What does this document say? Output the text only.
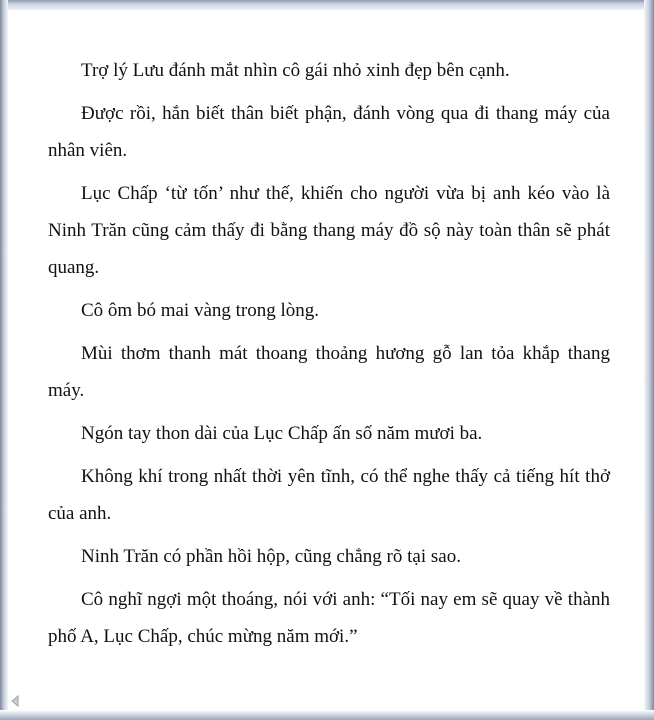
Trợ lý Lưu đánh mắt nhìn cô gái nhỏ xinh đẹp bên cạnh.

Được rồi, hắn biết thân biết phận, đánh vòng qua đi thang máy của nhân viên.

Lục Chấp ‘từ tốn’ như thế, khiến cho người vừa bị anh kéo vào là Ninh Trăn cũng cảm thấy đi bằng thang máy đồ sộ này toàn thân sẽ phát quang.

Cô ôm bó mai vàng trong lòng.

Mùi thơm thanh mát thoang thoảng hương gỗ lan tỏa khắp thang máy.

Ngón tay thon dài của Lục Chấp ấn số năm mươi ba.

Không khí trong nhất thời yên tĩnh, có thể nghe thấy cả tiếng hít thở của anh.

Ninh Trăn có phần hồi hộp, cũng chẳng rõ tại sao.

Cô nghĩ ngợi một thoáng, nói với anh: “Tối nay em sẽ quay về thành phố A, Lục Chấp, chúc mừng năm mới.”
